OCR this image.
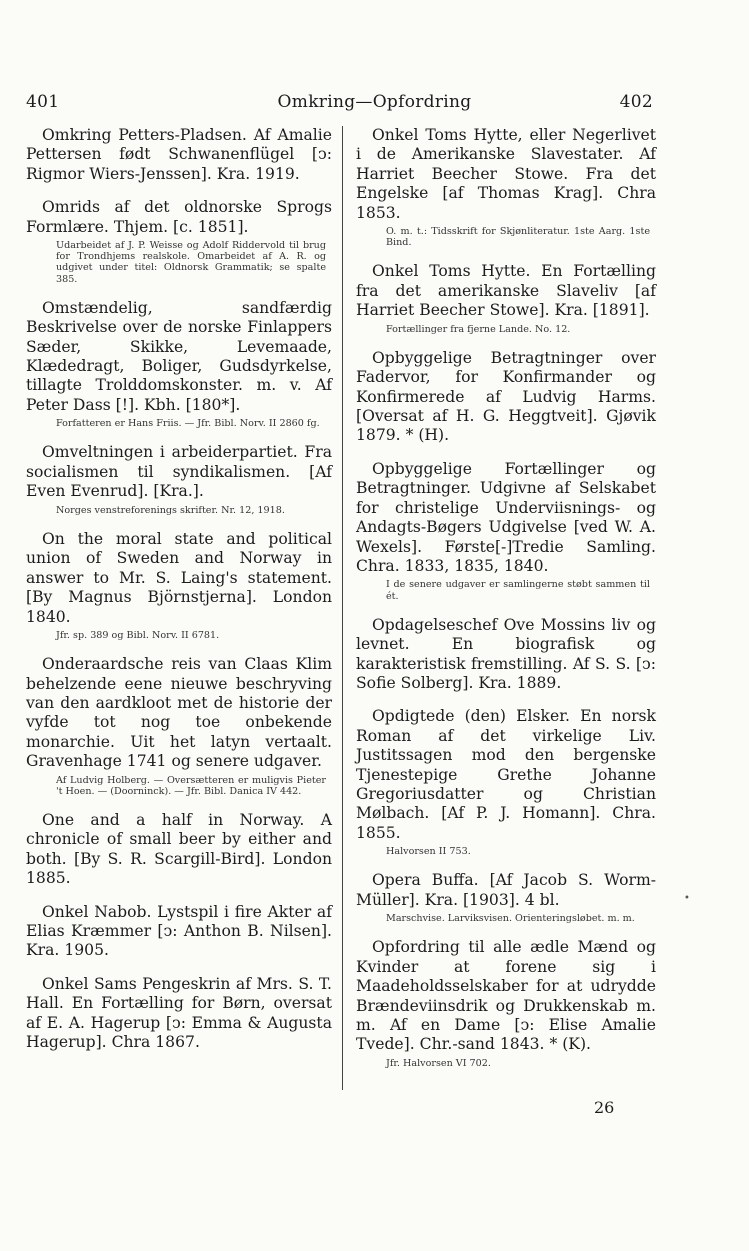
401	Omkring—Opfordring	402
Omkring Petters-Pladsen. Af Amalie Pettersen født Schwanenflügel [ↄ: Rigmor Wiers-Jenssen]. Kra. 1919.
Omrids af det oldnorske Sprogs Formlære. Thjem. [c. 1851].
Udarbeidet af J. P. Weisse og Adolf Riddervold til brug for Trondhjems realskole. Omarbeidet af A. R. og udgivet under titel: Oldnorsk Grammatik; se spalte 385.
Omstændelig, sandfærdig Beskrivelse over de norske Finlappers Sæder, Skikke, Levemaade, Klædedragt, Boliger, Gudsdyrkelse, tillagte Trolddomskonster. m. v. Af Peter Dass [!]. Kbh. [180*].
Forfatteren er Hans Friis. — Jfr. Bibl. Norv. II 2860 fg.
Omveltningen i arbeiderpartiet. Fra socialismen til syndikalismen. [Af Even Evenrud]. [Kra.].
Norges venstreforenings skrifter. Nr. 12, 1918.
On the moral state and political union of Sweden and Norway in answer to Mr. S. Laing's statement. [By Magnus Björnstjerna]. London 1840.
Jfr. sp. 389 og Bibl. Norv. II 6781.
Onderaardsche reis van Claas Klim behelzende eene nieuwe beschryving van den aardkloot met de historie der vyfde tot nog toe onbekende monarchie. Uit het latyn vertaalt. Gravenhage 1741 og senere udgaver.
Af Ludvig Holberg. — Oversætteren er muligvis Pieter 't Hoen. — (Doorninck). — Jfr. Bibl. Danica IV 442.
One and a half in Norway. A chronicle of small beer by either and both. [By S. R. Scargill-Bird]. London 1885.
Onkel Nabob. Lystspil i fire Akter af Elias Kræmmer [ↄ: Anthon B. Nilsen]. Kra. 1905.
Onkel Sams Pengeskrin af Mrs. S. T. Hall. En Fortælling for Børn, oversat af E. A. Hagerup [ↄ: Emma & Augusta Hagerup]. Chra 1867.
Onkel Toms Hytte, eller Negerlivet i de Amerikanske Slavestater. Af Harriet Beecher Stowe. Fra det Engelske [af Thomas Krag]. Chra 1853.
O. m. t.: Tidsskrift for Skjønliteratur. 1ste Aarg. 1ste Bind.
Onkel Toms Hytte. En Fortælling fra det amerikanske Slaveliv [af Harriet Beecher Stowe]. Kra. [1891].
Fortællinger fra fjerne Lande. No. 12.
Opbyggelige Betragtninger over Fadervor, for Konfirmander og Konfirmerede af Ludvig Harms. [Oversat af H. G. Heggtveit]. Gjøvik 1879. * (H).
Opbyggelige Fortællinger og Betragtninger. Udgivne af Selskabet for christelige Underviisnings- og Andagts-Bøgers Udgivelse [ved W. A. Wexels]. Første[-]Tredie Samling. Chra. 1833, 1835, 1840.
I de senere udgaver er samlingerne støbt sammen til ét.
Opdagelseschef Ove Mossins liv og levnet. En biografisk og karakteristisk fremstilling. Af S. S. [ↄ: Sofie Solberg]. Kra. 1889.
Opdigtede (den) Elsker. En norsk Roman af det virkelige Liv. Justitssagen mod den bergenske Tjenestepige Grethe Johanne Gregoriusdatter og Christian Mølbach. [Af P. J. Homann]. Chra. 1855.
Halvorsen II 753.
Opera Buffa. [Af Jacob S. Worm-Müller]. Kra. [1903]. 4 bl.
Marschvise. Larviksvisen. Orienteringsløbet. m. m.
Opfordring til alle ædle Mænd og Kvinder at forene sig i Maadeholdsselskaber for at udrydde Brændeviinsdrik og Drukkenskab m. m. Af en Dame [ↄ: Elise Amalie Tvede]. Chr.-sand 1843. * (K).
Jfr. Halvorsen VI 702.
•
26
